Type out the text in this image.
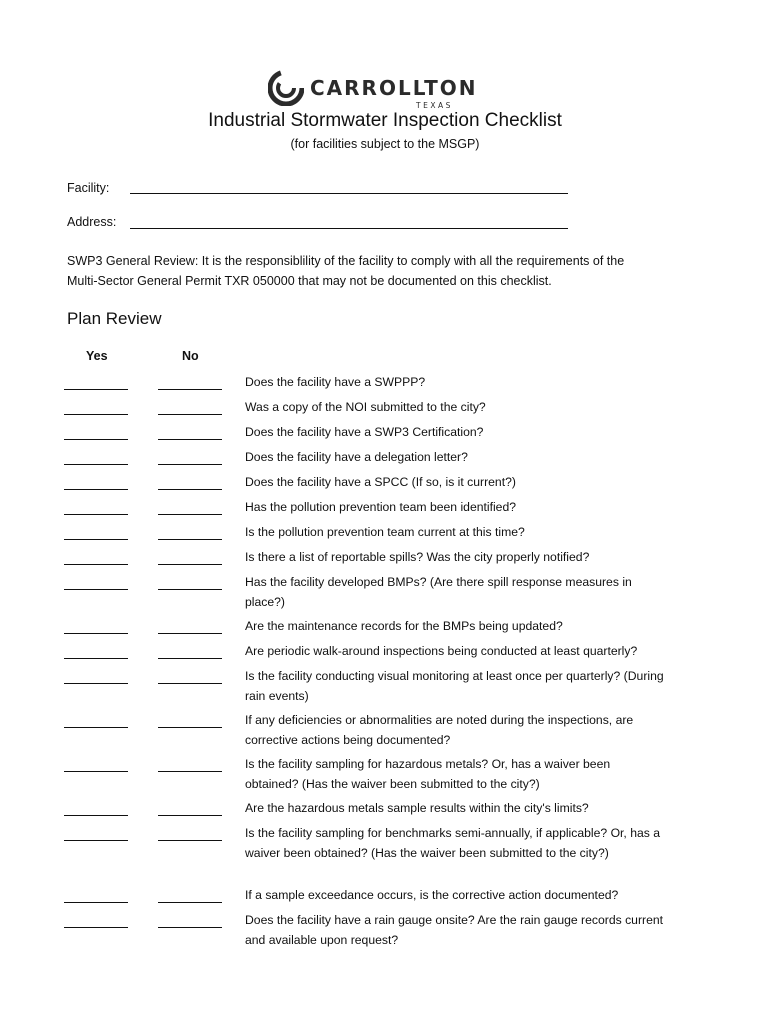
CARROLLTON
TEXAS
Industrial Stormwater Inspection Checklist
(for facilities subject to the MSGP)
Facility:
Address:
SWP3 General Review: It is the responsiblility of the facility to comply with all the requirements of the Multi-Sector General Permit TXR 050000 that may not be documented on this checklist.
Plan Review
Yes	No
Does the facility have a SWPPP?
Was a copy of the NOI submitted to the city?
Does the facility have a SWP3 Certification?
Does the facility have a delegation letter?
Does the facility have a SPCC (If so, is it current?)
Has the pollution prevention team been identified?
Is the pollution prevention team current at this time?
Is there a list of reportable spills? Was the city properly notified?
Has the facility developed BMPs? (Are there spill response measures in place?)
Are the maintenance records for the BMPs being updated?
Are periodic walk-around inspections being conducted at least quarterly?
Is the facility conducting visual monitoring at least once per quarterly? (During rain events)
If any deficiencies or abnormalities are noted during the inspections, are corrective actions being documented?
Is the facility sampling for hazardous metals? Or, has a waiver been obtained? (Has the waiver been submitted to the city?)
Are the hazardous metals sample results within the city's limits?
Is the facility sampling for benchmarks semi-annually, if applicable? Or, has a waiver been obtained? (Has the waiver been submitted to the city?)
If a sample exceedance occurs, is the corrective action documented?
Does the facility have a rain gauge onsite? Are the rain gauge records current and available upon request?
